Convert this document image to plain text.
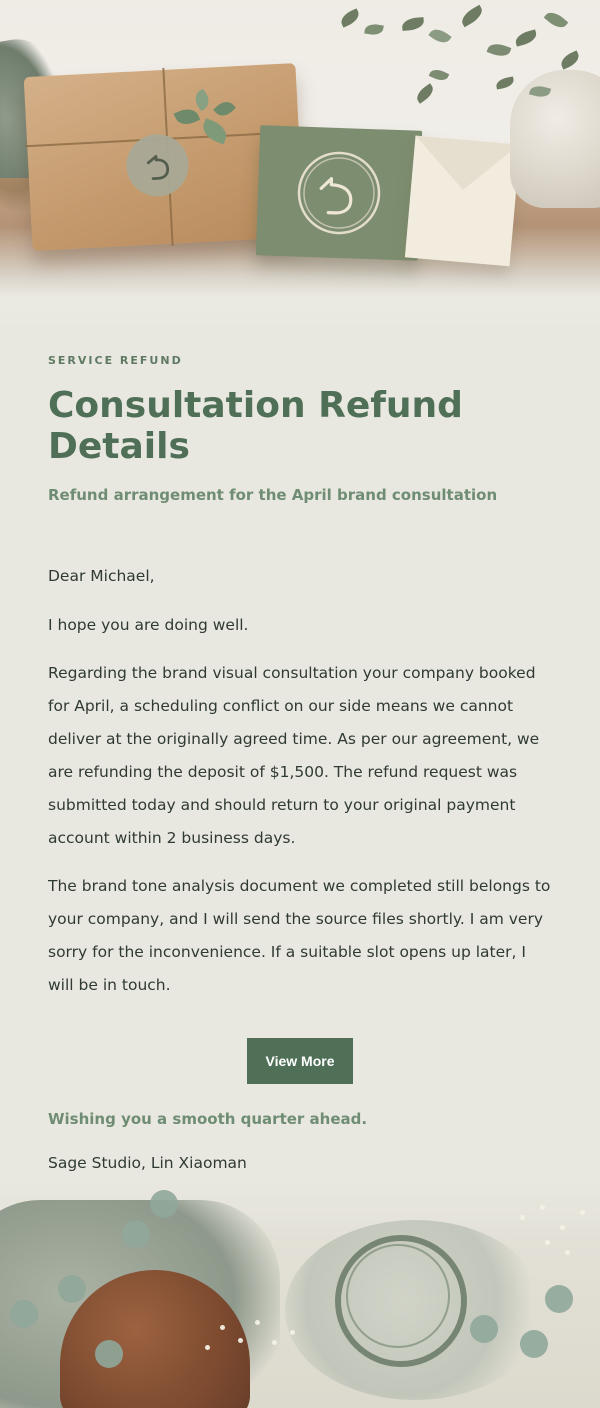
SERVICE REFUND
Consultation Refund Details
Refund arrangement for the April brand consultation

Dear Michael,

I hope you are doing well.

Regarding the brand visual consultation your company booked for April, a scheduling conflict on our side means we cannot deliver at the originally agreed time. As per our agreement, we are refunding the deposit of $1,500. The refund request was submitted today and should return to your original payment account within 2 business days.

The brand tone analysis document we completed still belongs to your company, and I will send the source files shortly. I am very sorry for the inconvenience. If a suitable slot opens up later, I will be in touch.

View More
Wishing you a smooth quarter ahead.
Sage Studio, Lin Xiaoman
